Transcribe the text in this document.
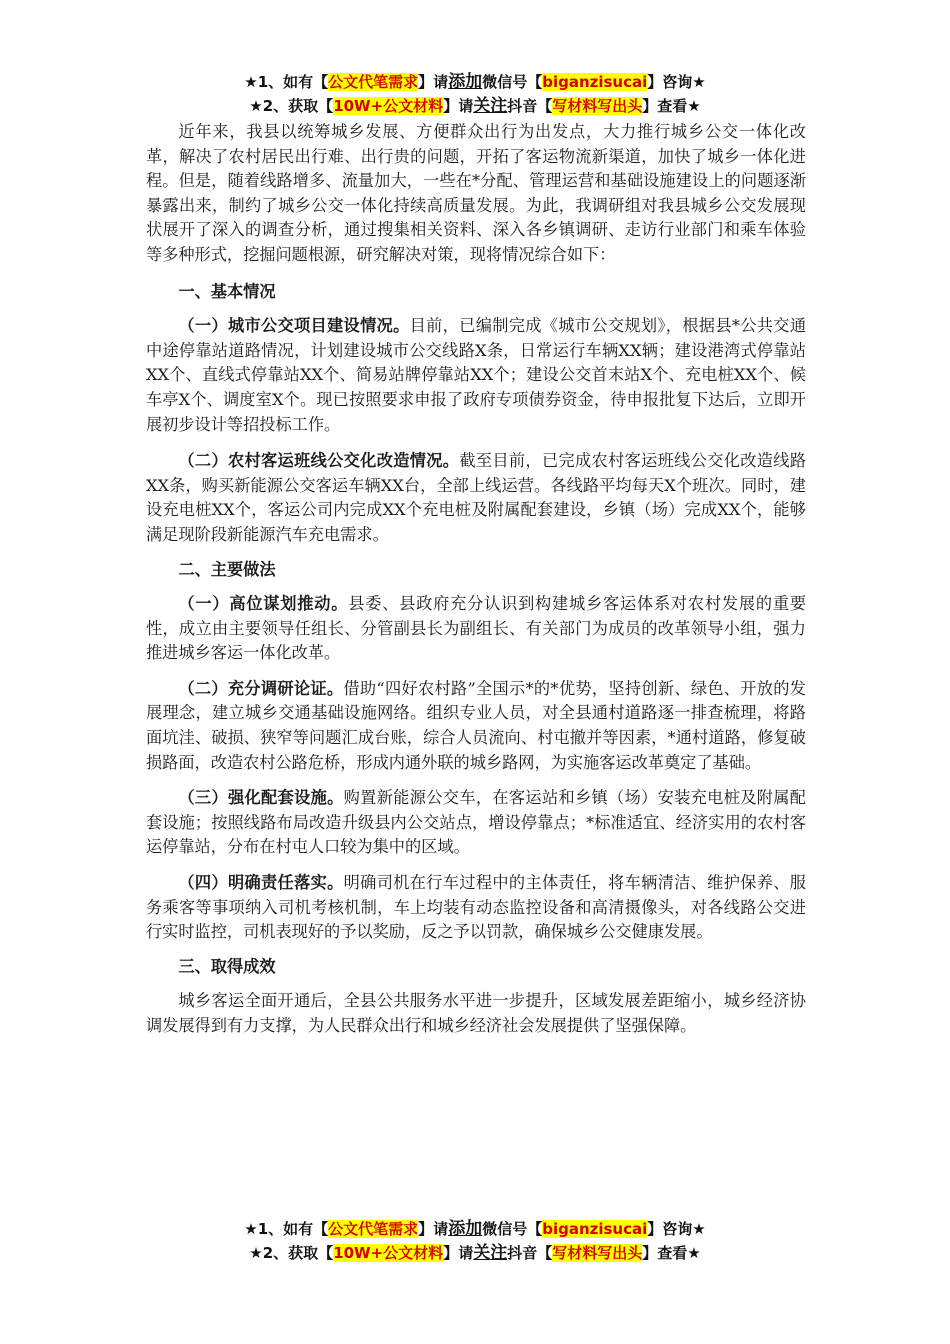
★1、如有【公文代笔需求】请添加微信号【biganzisucai】咨询★
★2、获取【10W+公文材料】请关注抖音【写材料写出头】查看★

近年来，我县以统筹城乡发展、方便群众出行为出发点，大力推行城乡公交一体化改革，解决了农村居民出行难、出行贵的问题，开拓了客运物流新渠道，加快了城乡一体化进程。但是，随着线路增多、流量加大，一些在*分配、管理运营和基础设施建设上的问题逐渐暴露出来，制约了城乡公交一体化持续高质量发展。为此，我调研组对我县城乡公交发展现状展开了深入的调查分析，通过搜集相关资料、深入各乡镇调研、走访行业部门和乘车体验等多种形式，挖掘问题根源，研究解决对策，现将情况综合如下：

一、基本情况

（一）城市公交项目建设情况。目前，已编制完成《城市公交规划》，根据县*公共交通中途停靠站道路情况，计划建设城市公交线路X条，日常运行车辆XX辆；建设港湾式停靠站XX个、直线式停靠站XX个、简易站牌停靠站XX个；建设公交首末站X个、充电桩XX个、候车亭X个、调度室X个。现已按照要求申报了政府专项债券资金，待申报批复下达后，立即开展初步设计等招投标工作。

（二）农村客运班线公交化改造情况。截至目前，已完成农村客运班线公交化改造线路XX条，购买新能源公交客运车辆XX台，全部上线运营。各线路平均每天X个班次。同时，建设充电桩XX个，客运公司内完成XX个充电桩及附属配套建设，乡镇（场）完成XX个，能够满足现阶段新能源汽车充电需求。

二、主要做法

（一）高位谋划推动。县委、县政府充分认识到构建城乡客运体系对农村发展的重要性，成立由主要领导任组长、分管副县长为副组长、有关部门为成员的改革领导小组，强力推进城乡客运一体化改革。

（二）充分调研论证。借助“四好农村路”全国示*的*优势，坚持创新、绿色、开放的发展理念，建立城乡交通基础设施网络。组织专业人员，对全县通村道路逐一排查梳理，将路面坑洼、破损、狭窄等问题汇成台账，综合人员流向、村屯撤并等因素，*通村道路，修复破损路面，改造农村公路危桥，形成内通外联的城乡路网，为实施客运改革奠定了基础。

（三）强化配套设施。购置新能源公交车，在客运站和乡镇（场）安装充电桩及附属配套设施；按照线路布局改造升级县内公交站点，增设停靠点；*标准适宜、经济实用的农村客运停靠站，分布在村屯人口较为集中的区域。

（四）明确责任落实。明确司机在行车过程中的主体责任，将车辆清洁、维护保养、服务乘客等事项纳入司机考核机制，车上均装有动态监控设备和高清摄像头，对各线路公交进行实时监控，司机表现好的予以奖励，反之予以罚款，确保城乡公交健康发展。

三、取得成效

城乡客运全面开通后，全县公共服务水平进一步提升，区域发展差距缩小，城乡经济协调发展得到有力支撑，为人民群众出行和城乡经济社会发展提供了坚强保障。

★1、如有【公文代笔需求】请添加微信号【biganzisucai】咨询★
★2、获取【10W+公文材料】请关注抖音【写材料写出头】查看★
